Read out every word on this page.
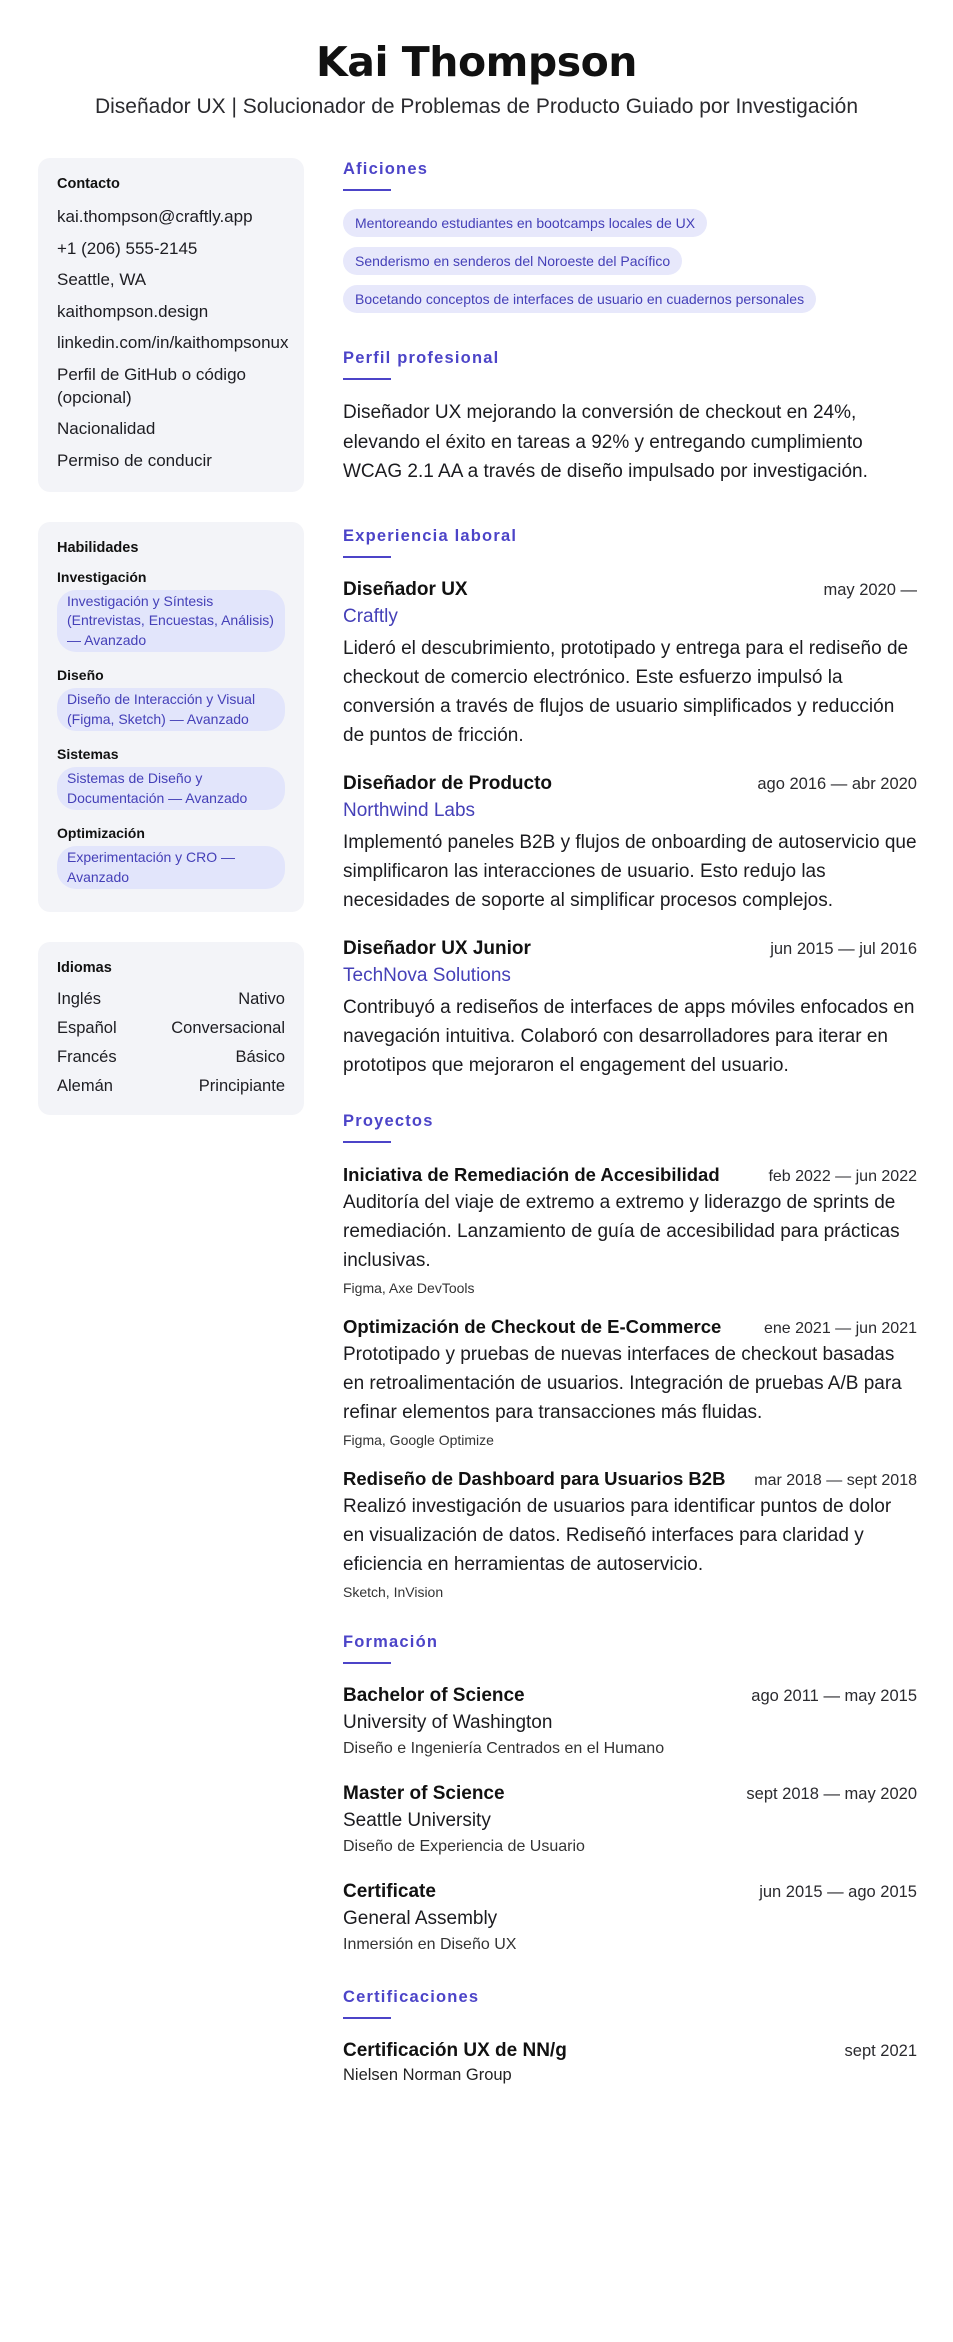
Kai Thompson
Diseñador UX | Solucionador de Problemas de Producto Guiado por Investigación
Contacto
kai.thompson@craftly.app
+1 (206) 555-2145
Seattle, WA
kaithompson.design
linkedin.com/in/kaithompsonux
Perfil de GitHub o código (opcional)
Nacionalidad
Permiso de conducir
Habilidades
Investigación
Investigación y Síntesis (Entrevistas, Encuestas, Análisis) — Avanzado
Diseño
Diseño de Interacción y Visual (Figma, Sketch) — Avanzado
Sistemas
Sistemas de Diseño y Documentación — Avanzado
Optimización
Experimentación y CRO — Avanzado
Idiomas
Inglés	Nativo
Español	Conversacional
Francés	Básico
Alemán	Principiante
Aficiones
Mentoreando estudiantes en bootcamps locales de UX
Senderismo en senderos del Noroeste del Pacífico
Bocetando conceptos de interfaces de usuario en cuadernos personales
Perfil profesional
Diseñador UX mejorando la conversión de checkout en 24%, elevando el éxito en tareas a 92% y entregando cumplimiento WCAG 2.1 AA a través de diseño impulsado por investigación.
Experiencia laboral
Diseñador UX	may 2020 —
Craftly
Lideró el descubrimiento, prototipado y entrega para el rediseño de checkout de comercio electrónico. Este esfuerzo impulsó la conversión a través de flujos de usuario simplificados y reducción de puntos de fricción.
Diseñador de Producto	ago 2016 — abr 2020
Northwind Labs
Implementó paneles B2B y flujos de onboarding de autoservicio que simplificaron las interacciones de usuario. Esto redujo las necesidades de soporte al simplificar procesos complejos.
Diseñador UX Junior	jun 2015 — jul 2016
TechNova Solutions
Contribuyó a rediseños de interfaces de apps móviles enfocados en navegación intuitiva. Colaboró con desarrolladores para iterar en prototipos que mejoraron el engagement del usuario.
Proyectos
Iniciativa de Remediación de Accesibilidad	feb 2022 — jun 2022
Auditoría del viaje de extremo a extremo y liderazgo de sprints de remediación. Lanzamiento de guía de accesibilidad para prácticas inclusivas.
Figma, Axe DevTools
Optimización de Checkout de E-Commerce	ene 2021 — jun 2021
Prototipado y pruebas de nuevas interfaces de checkout basadas en retroalimentación de usuarios. Integración de pruebas A/B para refinar elementos para transacciones más fluidas.
Figma, Google Optimize
Rediseño de Dashboard para Usuarios B2B mar 2018 — sept 2018
Realizó investigación de usuarios para identificar puntos de dolor en visualización de datos. Rediseñó interfaces para claridad y eficiencia en herramientas de autoservicio.
Sketch, InVision
Formación
Bachelor of Science	ago 2011 — may 2015
University of Washington
Diseño e Ingeniería Centrados en el Humano
Master of Science	sept 2018 — may 2020
Seattle University
Diseño de Experiencia de Usuario
Certificate	jun 2015 — ago 2015
General Assembly
Inmersión en Diseño UX
Certificaciones
Certificación UX de NN/g	sept 2021
Nielsen Norman Group
